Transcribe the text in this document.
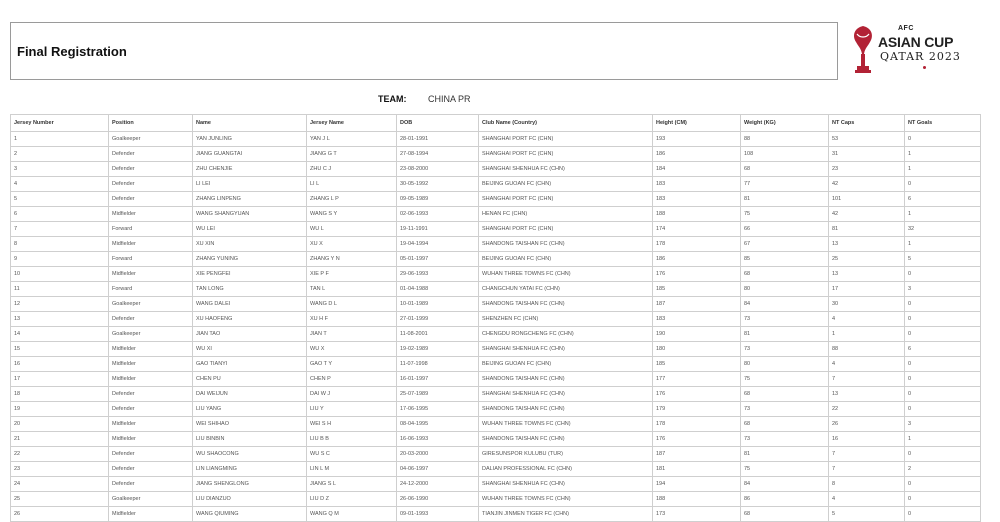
Final Registration
AFC
ASIAN CUP
QATAR 2023
TEAM: CHINA PR
Jersey Number	Position	Name	Jersey Name	DOB	Club Name (Country)	Height (CM)	Weight (KG)	NT Caps	NT Goals
1	Goalkeeper	YAN JUNLING	YAN J L	28-01-1991	SHANGHAI PORT FC (CHN)	193	88	53	0
2	Defender	JIANG GUANGTAI	JIANG G T	27-08-1994	SHANGHAI PORT FC (CHN)	186	108	31	1
3	Defender	ZHU CHENJIE	ZHU C J	23-08-2000	SHANGHAI SHENHUA FC (CHN)	184	68	23	1
4	Defender	LI LEI	LI L	30-05-1992	BEIJING GUOAN FC (CHN)	183	77	42	0
5	Defender	ZHANG LINPENG	ZHANG L P	09-05-1989	SHANGHAI PORT FC (CHN)	183	81	101	6
6	Midfielder	WANG SHANGYUAN	WANG S Y	02-06-1993	HENAN FC (CHN)	188	75	42	1
7	Forward	WU LEI	WU L	19-11-1991	SHANGHAI PORT FC (CHN)	174	66	81	32
8	Midfielder	XU XIN	XU X	19-04-1994	SHANDONG TAISHAN FC (CHN)	178	67	13	1
9	Forward	ZHANG YUNING	ZHANG Y N	05-01-1997	BEIJING GUOAN FC (CHN)	186	85	25	5
10	Midfielder	XIE PENGFEI	XIE P F	29-06-1993	WUHAN THREE TOWNS FC (CHN)	176	68	13	0
11	Forward	TAN LONG	TAN L	01-04-1988	CHANGCHUN YATAI FC (CHN)	185	80	17	3
12	Goalkeeper	WANG DALEI	WANG D L	10-01-1989	SHANDONG TAISHAN FC (CHN)	187	84	30	0
13	Defender	XU HAOFENG	XU H F	27-01-1999	SHENZHEN FC (CHN)	183	73	4	0
14	Goalkeeper	JIAN TAO	JIAN T	11-08-2001	CHENGDU RONGCHENG FC (CHN)	190	81	1	0
15	Midfielder	WU XI	WU X	19-02-1989	SHANGHAI SHENHUA FC (CHN)	180	73	88	6
16	Midfielder	GAO TIANYI	GAO T Y	11-07-1998	BEIJING GUOAN FC (CHN)	185	80	4	0
17	Midfielder	CHEN PU	CHEN P	16-01-1997	SHANDONG TAISHAN FC (CHN)	177	75	7	0
18	Defender	DAI WEIJUN	DAI W J	25-07-1989	SHANGHAI SHENHUA FC (CHN)	176	68	13	0
19	Defender	LIU YANG	LIU Y	17-06-1995	SHANDONG TAISHAN FC (CHN)	179	73	22	0
20	Midfielder	WEI SHIHAO	WEI S H	08-04-1995	WUHAN THREE TOWNS FC (CHN)	178	68	26	3
21	Midfielder	LIU BINBIN	LIU B B	16-06-1993	SHANDONG TAISHAN FC (CHN)	176	73	16	1
22	Defender	WU SHAOCONG	WU S C	20-03-2000	GIRESUNSPOR KULUBU (TUR)	187	81	7	0
23	Defender	LIN LIANGMING	LIN L M	04-06-1997	DALIAN PROFESSIONAL FC (CHN)	181	75	7	2
24	Defender	JIANG SHENGLONG	JIANG S L	24-12-2000	SHANGHAI SHENHUA FC (CHN)	194	84	8	0
25	Goalkeeper	LIU DIANZUO	LIU D Z	26-06-1990	WUHAN THREE TOWNS FC (CHN)	188	86	4	0
26	Midfielder	WANG QIUMING	WANG Q M	09-01-1993	TIANJIN JINMEN TIGER FC (CHN)	173	68	5	0
